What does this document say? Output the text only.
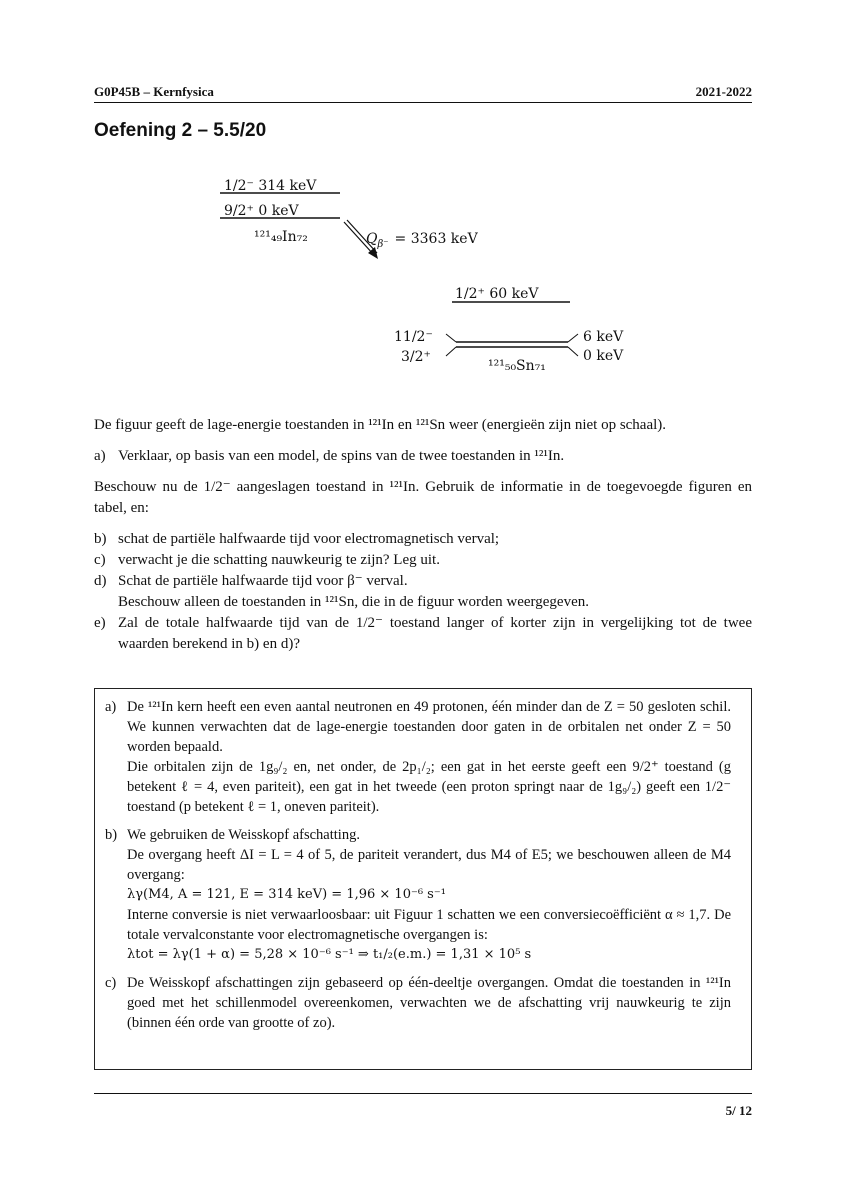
G0P45B – Kernfysica	2021-2022
Oefening 2 – 5.5/20
1/2⁻ 314 keV
9/2⁺ 0 keV
¹²¹₄₉In₇₂	$Q_{\beta^-} = 3363$ keV
1/2⁺ 60 keV
11/2⁻
3/2⁺
6 keV
0 keV
¹²¹₅₀Sn₇₁

De figuur geeft de lage-energie toestanden in ¹²¹In en ¹²¹Sn weer (energieën zijn niet op schaal).

a) Verklaar, op basis van een model, de spins van de twee toestanden in ¹²¹In.

Beschouw nu de 1/2⁻ aangeslagen toestand in ¹²¹In. Gebruik de informatie in de toegevoegde figuren en tabel, en:

b) schat de partiële halfwaarde tijd voor electromagnetisch verval;
c) verwacht je die schatting nauwkeurig te zijn? Leg uit.
d) Schat de partiële halfwaarde tijd voor β⁻ verval.
Beschouw alleen de toestanden in ¹²¹Sn, die in de figuur worden weergegeven.
e) Zal de totale halfwaarde tijd van de 1/2⁻ toestand langer of korter zijn in vergelijking tot de twee waarden berekend in b) en d)?
a) De ¹²¹In kern heeft een even aantal neutronen en 49 protonen, één minder dan de Z = 50 gesloten schil. We kunnen verwachten dat de lage-energie toestanden door gaten in de orbitalen net onder Z = 50 worden bepaald.
Die orbitalen zijn de 1g₉/₂ en, net onder, de 2p₁/₂; een gat in het eerste geeft een 9/2⁺ toestand (g betekent ℓ = 4, even pariteit), een gat in het tweede (een proton springt naar de 1g₉/₂) geeft een 1/2⁻ toestand (p betekent ℓ = 1, oneven pariteit).
b) We gebruiken de Weisskopf afschatting.
De overgang heeft ΔI = L = 4 of 5, de pariteit verandert, dus M4 of E5; we beschouwen alleen de M4 overgang:
λγ(M4, A = 121, E = 314 keV) = 1,96 × 10⁻⁶ s⁻¹
Interne conversie is niet verwaarloosbaar: uit Figuur 1 schatten we een conversiecoëfficiënt α ≈ 1,7. De totale vervalconstante voor electromagnetische overgangen is:
λtot = λγ(1 + α) = 5,28 × 10⁻⁶ s⁻¹ ⇒ t₁/₂(e.m.) = 1,31 × 10⁵ s
c) De Weisskopf afschattingen zijn gebaseerd op één-deeltje overgangen. Omdat die toestanden in ¹²¹In goed met het schillenmodel overeenkomen, verwachten we de afschatting vrij nauwkeurig te zijn (binnen één orde van grootte of zo).
5/ 12
